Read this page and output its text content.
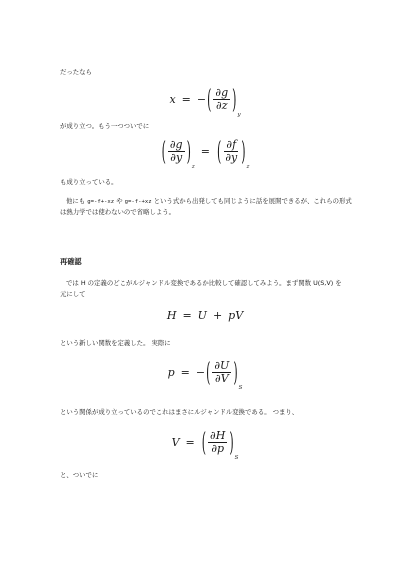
だったなら

x = − ( $\frac{\partial g}{\partial z}$ ) y

が成り立つ。もう一つついでに

( $\frac{\partial g}{\partial y}$ ) z
= ( $\frac{\partial f}{\partial y}$ ) z

も成り立っている。

他にも g=-f+-xz や g=-f-+xz という式から出発しても同じように話を展開できるが、これらの形式

は熱力学では使わないので省略しよう。

再確認

では H の定義のどこがルジャンドル変換であるか比較して確認してみよう。まず関数 U(S,V) を

元にして

H = U + pV

という新しい関数を定義した。 実際に

p = − ( $\frac{\partial U}{\partial V}$ ) S

という関係が成り立っているのでこれはまさにルジャンドル変換である。 つまり、

V = ( $\frac{\partial H}{\partial p}$ ) S

と、ついでに
